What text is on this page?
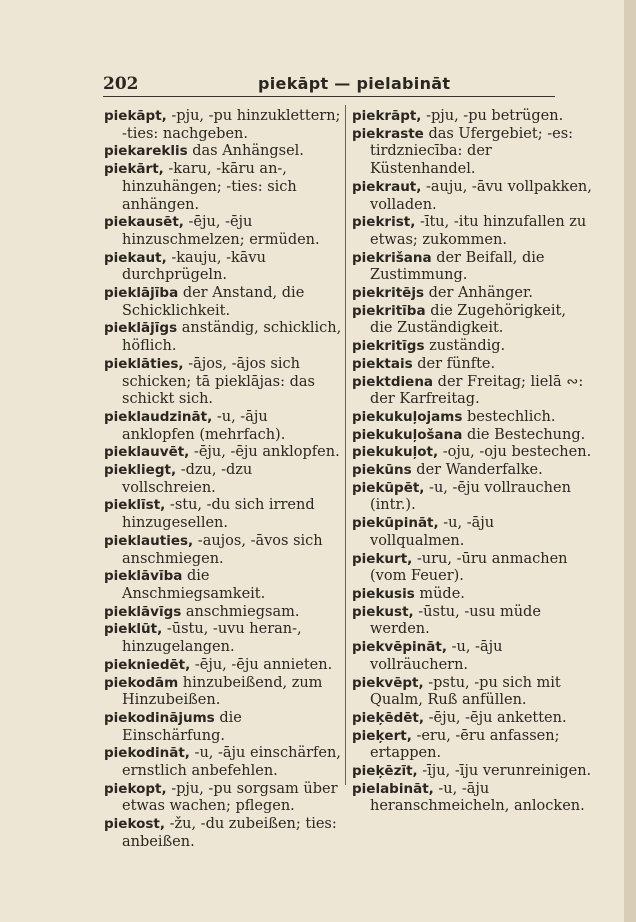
202	piekāpt — pielabināt

piekāpt, -pju, -pu hinzuklettern; -ties: nachgeben.

piekareklis das Anhängsel.

piekārt, -karu, -kāru an-, hinzuhängen; -ties: sich anhängen.

piekausēt, -ēju, -ēju hinzuschmelzen; ermüden.

piekaut, -kauju, -kāvu durchprügeln.

pieklājība der Anstand, die Schicklichkeit.

pieklājīgs anständig, schicklich, höflich.

pieklāties, -ājos, -ājos sich schicken; tā pieklājas: das schickt sich.

pieklaudzināt, -u, -āju anklopfen (mehrfach).

pieklauvēt, -ēju, -ēju anklopfen.

piekliegt, -dzu, -dzu vollschreien.

pieklīst, -stu, -du sich irrend hinzugesellen.

pieklauties, -aujos, -āvos sich anschmiegen.

pieklāvība die Anschmiegsamkeit.

pieklāvīgs anschmiegsam.

pieklūt, -ūstu, -uvu heran-, hinzugelangen.

piekniedēt, -ēju, -ēju annieten.

piekodām hinzubeißend, zum Hinzubeißen.

piekodinājums die Einschärfung.

piekodināt, -u, -āju einschärfen, ernstlich anbefehlen.

piekopt, -pju, -pu sorgsam über etwas wachen; pflegen.

piekost, -žu, -du zubeißen; ties: anbeißen.

piekrāpt, -pju, -pu betrügen.

piekraste das Ufergebiet; -es: tirdzniecība: der Küstenhandel.

piekraut, -auju, -āvu vollpakken, volladen.

piekrist, -ītu, -itu hinzufallen zu etwas; zukommen.

piekrišana der Beifall, die Zustimmung.

piekritējs der Anhänger.

piekritība die Zugehörigkeit, die Zuständigkeit.

piekritīgs zuständig.

piektais der fünfte.

piektdiena der Freitag; lielā ∾: der Karfreitag.

piekukuļojams bestechlich.

piekukuļošana die Bestechung.

piekukuļot, -oju, -oju bestechen.

piekūns der Wanderfalke.

piekūpēt, -u, -ēju vollrauchen (intr.).

piekūpināt, -u, -āju vollqualmen.

piekurt, -uru, -ūru anmachen (vom Feuer).

piekusis müde.

piekust, -ūstu, -usu müde werden.

piekvēpināt, -u, -āju vollräuchern.

piekvēpt, -pstu, -pu sich mit Qualm, Ruß anfüllen.

pieķēdēt, -ēju, -ēju anketten.

pieķert, -eru, -ēru anfassen; ertappen.

pieķēzīt, -īju, -īju verunreinigen.

pielabināt, -u, -āju heranschmeicheln, anlocken.
